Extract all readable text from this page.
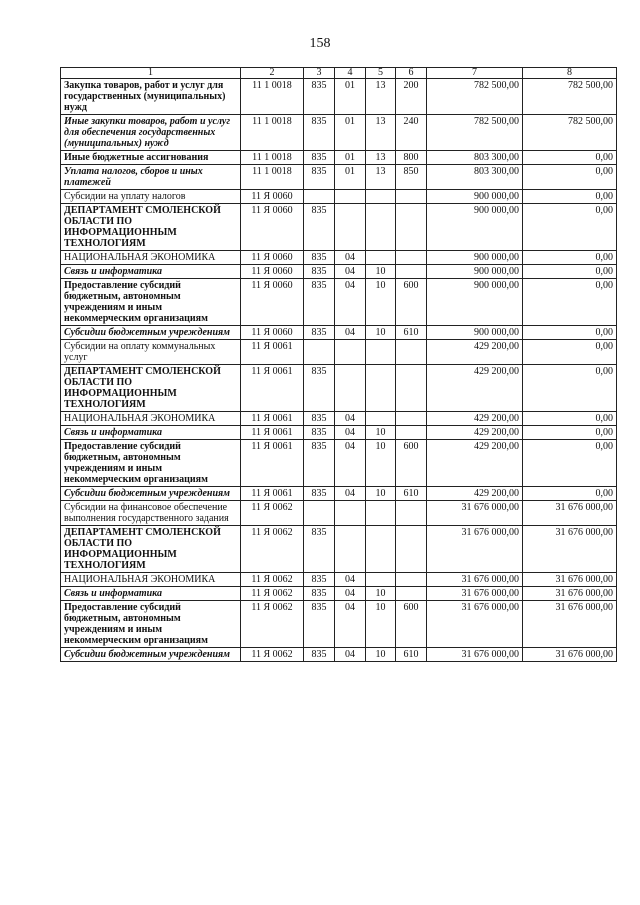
158
1	2	3	4	5	6	7	8
Закупка товаров, работ и услуг для государственных (муниципальных) нужд	11 1 0018	835	01	13	200	782 500,00	782 500,00
Иные закупки товаров, работ и услуг для обеспечения государственных (муниципальных) нужд	11 1 0018	835	01	13	240	782 500,00	782 500,00
Иные бюджетные ассигнования	11 1 0018	835	01	13	800	803 300,00	0,00
Уплата налогов, сборов и иных платежей	11 1 0018	835	01	13	850	803 300,00	0,00
Субсидии на уплату налогов	11 Я 0060					900 000,00	0,00
ДЕПАРТАМЕНТ СМОЛЕНСКОЙ ОБЛАСТИ ПО ИНФОРМАЦИОННЫМ ТЕХНОЛОГИЯМ	11 Я 0060	835				900 000,00	0,00
НАЦИОНАЛЬНАЯ ЭКОНОМИКА	11 Я 0060	835	04			900 000,00	0,00
Связь и информатика	11 Я 0060	835	04	10		900 000,00	0,00
Предоставление субсидий бюджетным, автономным учреждениям и иным некоммерческим организациям	11 Я 0060	835	04	10	600	900 000,00	0,00
Субсидии бюджетным учреждениям	11 Я 0060	835	04	10	610	900 000,00	0,00
Субсидии на оплату коммунальных услуг	11 Я 0061					429 200,00	0,00
ДЕПАРТАМЕНТ СМОЛЕНСКОЙ ОБЛАСТИ ПО ИНФОРМАЦИОННЫМ ТЕХНОЛОГИЯМ	11 Я 0061	835				429 200,00	0,00
НАЦИОНАЛЬНАЯ ЭКОНОМИКА	11 Я 0061	835	04			429 200,00	0,00
Связь и информатика	11 Я 0061	835	04	10		429 200,00	0,00
Предоставление субсидий бюджетным, автономным учреждениям и иным некоммерческим организациям	11 Я 0061	835	04	10	600	429 200,00	0,00
Субсидии бюджетным учреждениям	11 Я 0061	835	04	10	610	429 200,00	0,00
Субсидии на финансовое обеспечение выполнения государственного задания	11 Я 0062					31 676 000,00	31 676 000,00
ДЕПАРТАМЕНТ СМОЛЕНСКОЙ ОБЛАСТИ ПО ИНФОРМАЦИОННЫМ ТЕХНОЛОГИЯМ	11 Я 0062	835				31 676 000,00	31 676 000,00
НАЦИОНАЛЬНАЯ ЭКОНОМИКА	11 Я 0062	835	04			31 676 000,00	31 676 000,00
Связь и информатика	11 Я 0062	835	04	10		31 676 000,00	31 676 000,00
Предоставление субсидий бюджетным, автономным учреждениям и иным некоммерческим организациям	11 Я 0062	835	04	10	600	31 676 000,00	31 676 000,00
Субсидии бюджетным учреждениям	11 Я 0062	835	04	10	610	31 676 000,00	31 676 000,00
